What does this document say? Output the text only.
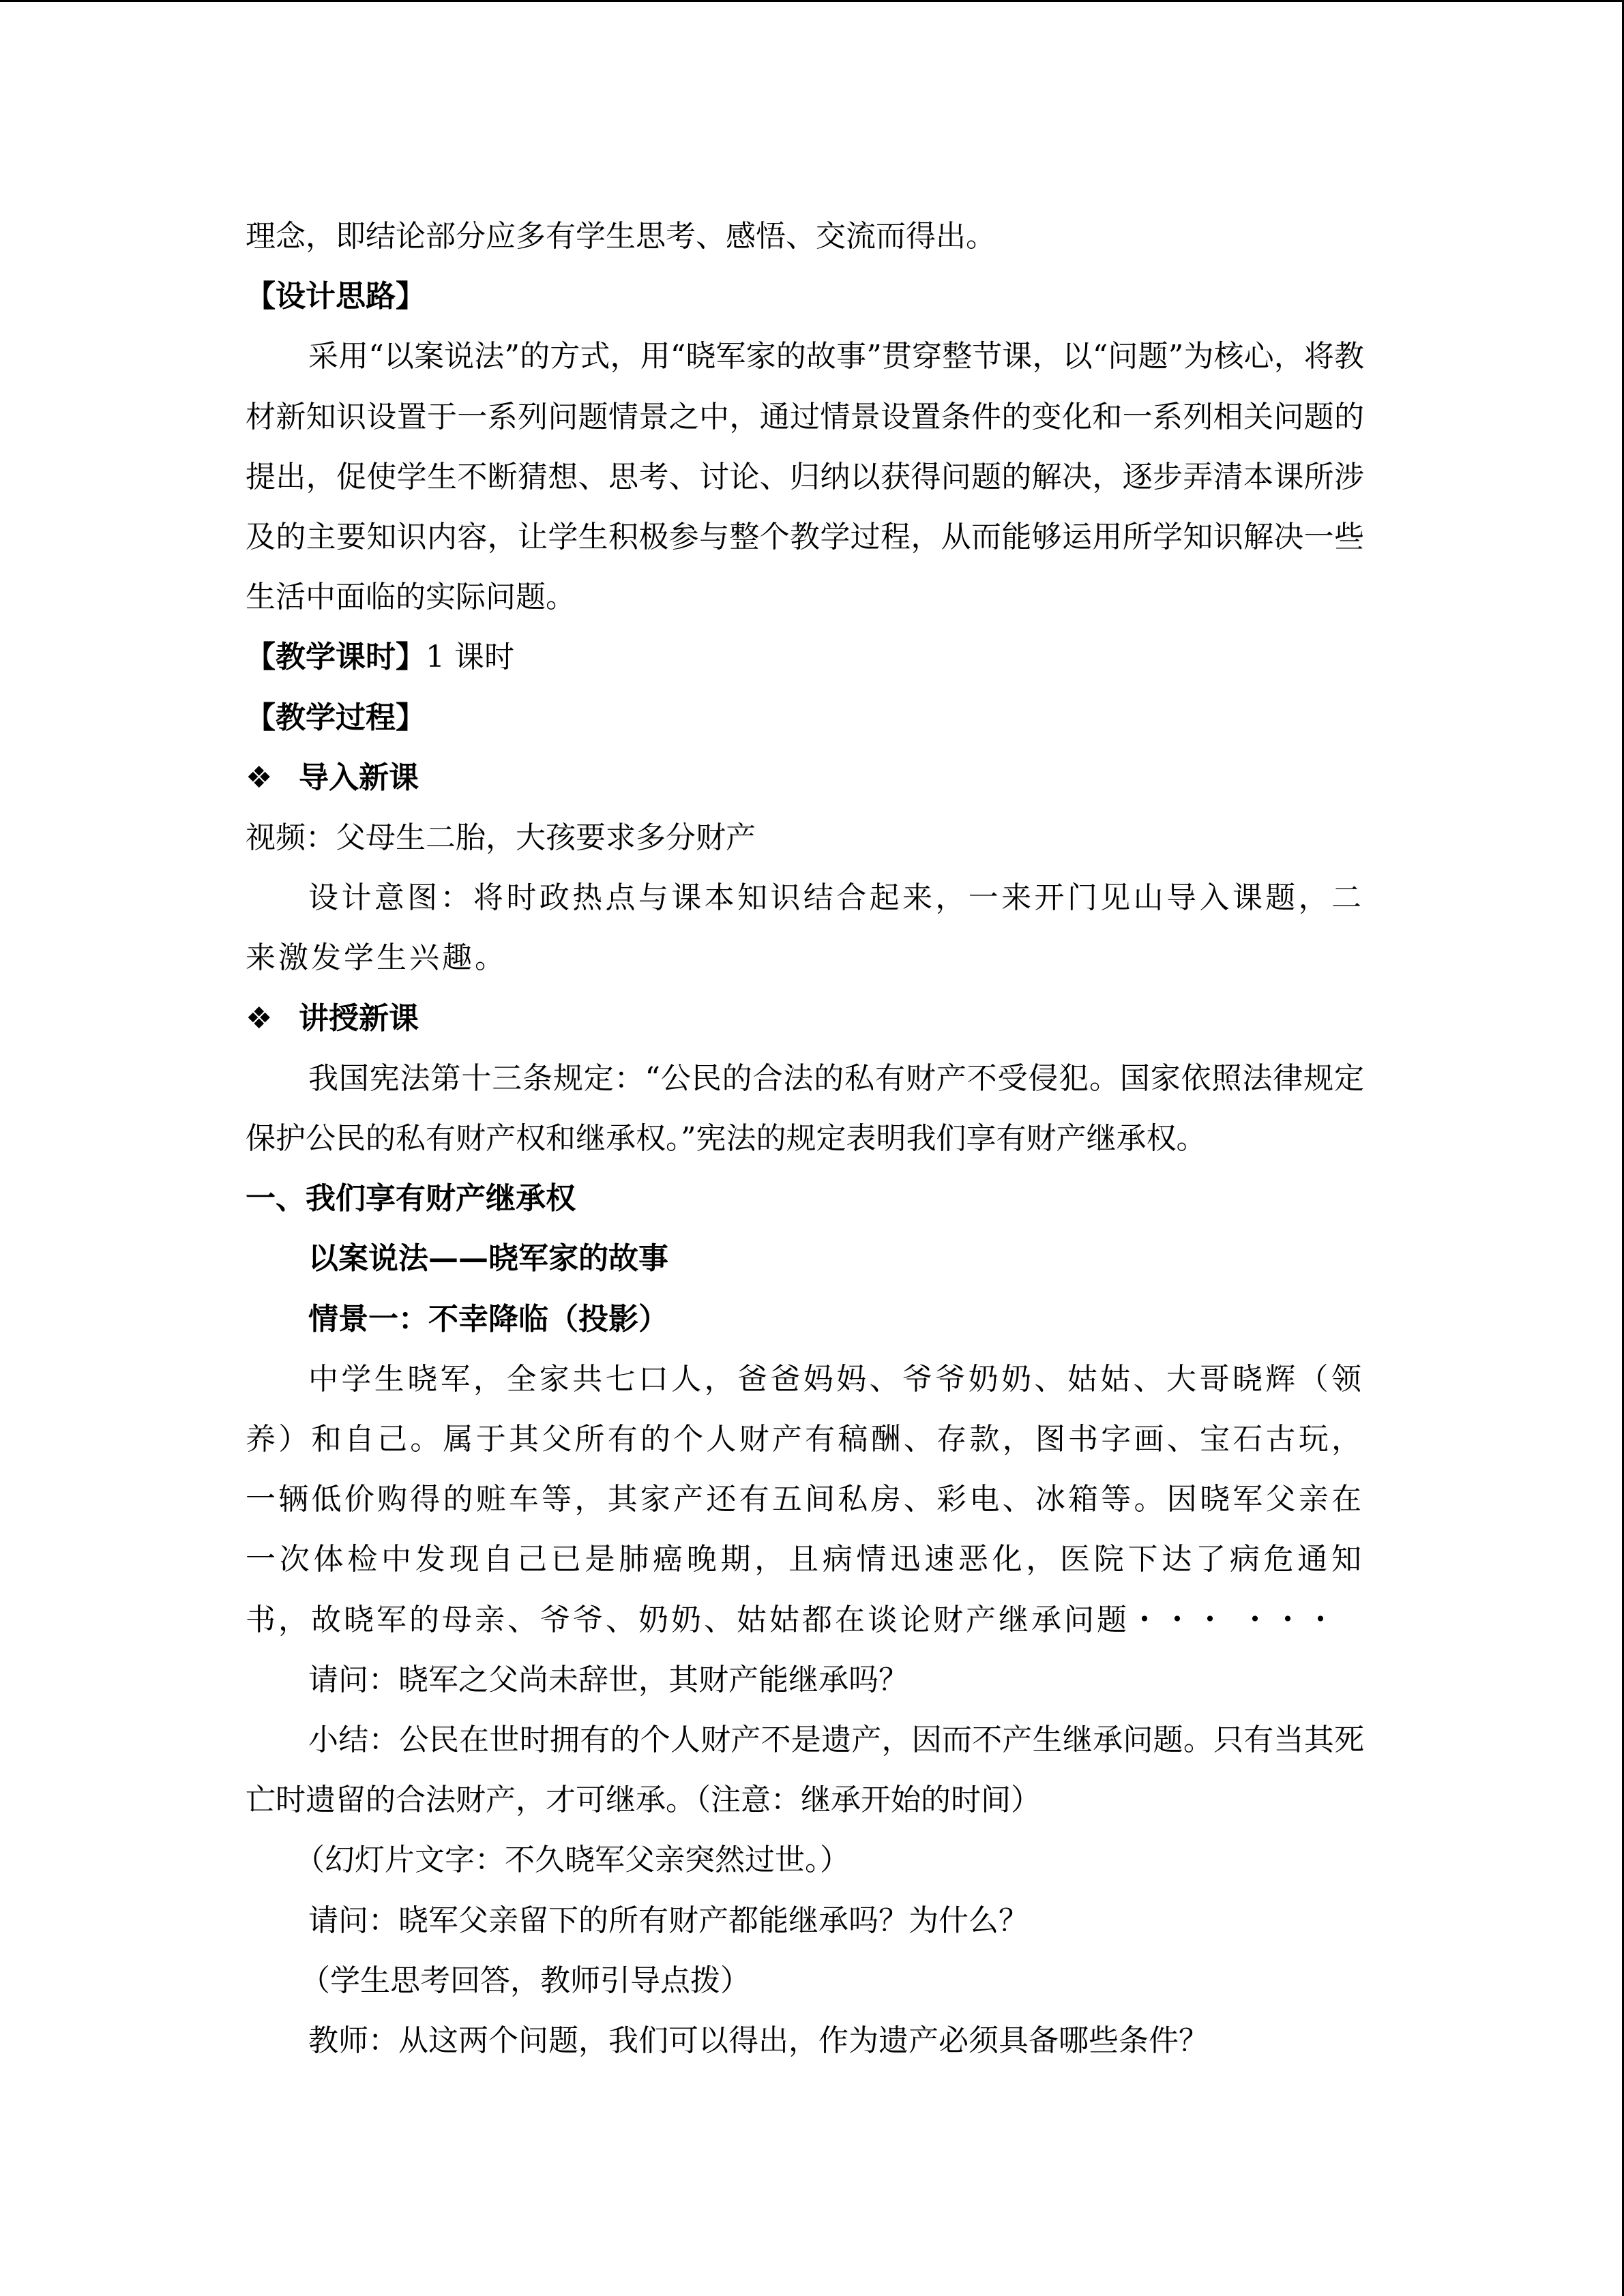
理念，即结论部分应多有学生思考、感悟、交流而得出。

【设计思路】

采用“以案说法”的方式，用“晓军家的故事”贯穿整节课，以“问题”为核心，将教材新知识设置于一系列问题情景之中，通过情景设置条件的变化和一系列相关问题的提出，促使学生不断猜想、思考、讨论、归纳以获得问题的解决，逐步弄清本课所涉及的主要知识内容，让学生积极参与整个教学过程，从而能够运用所学知识解决一些生活中面临的实际问题。

【教学课时】1 课时

【教学过程】

❖ 导入新课

视频：父母生二胎，大孩要求多分财产

设计意图：将时政热点与课本知识结合起来，一来开门见山导入课题，二来激发学生兴趣。

❖ 讲授新课

我国宪法第十三条规定：“公民的合法的私有财产不受侵犯。国家依照法律规定保护公民的私有财产权和继承权。”宪法的规定表明我们享有财产继承权。

一、我们享有财产继承权

以案说法——晓军家的故事

情景一：不幸降临（投影）

中学生晓军，全家共七口人，爸爸妈妈、爷爷奶奶、姑姑、大哥晓辉（领养）和自己。属于其父所有的个人财产有稿酬、存款，图书字画、宝石古玩，一辆低价购得的赃车等，其家产还有五间私房、彩电、冰箱等。因晓军父亲在一次体检中发现自己已是肺癌晚期，且病情迅速恶化，医院下达了病危通知书，故晓军的母亲、爷爷、奶奶、姑姑都在谈论财产继承问题・・・ ・・・

请问：晓军之父尚未辞世，其财产能继承吗？

小结：公民在世时拥有的个人财产不是遗产，因而不产生继承问题。只有当其死亡时遗留的合法财产，才可继承。（注意：继承开始的时间）

（幻灯片文字：不久晓军父亲突然过世。）

请问：晓军父亲留下的所有财产都能继承吗？为什么？

（学生思考回答，教师引导点拨）

教师：从这两个问题，我们可以得出，作为遗产必须具备哪些条件？
